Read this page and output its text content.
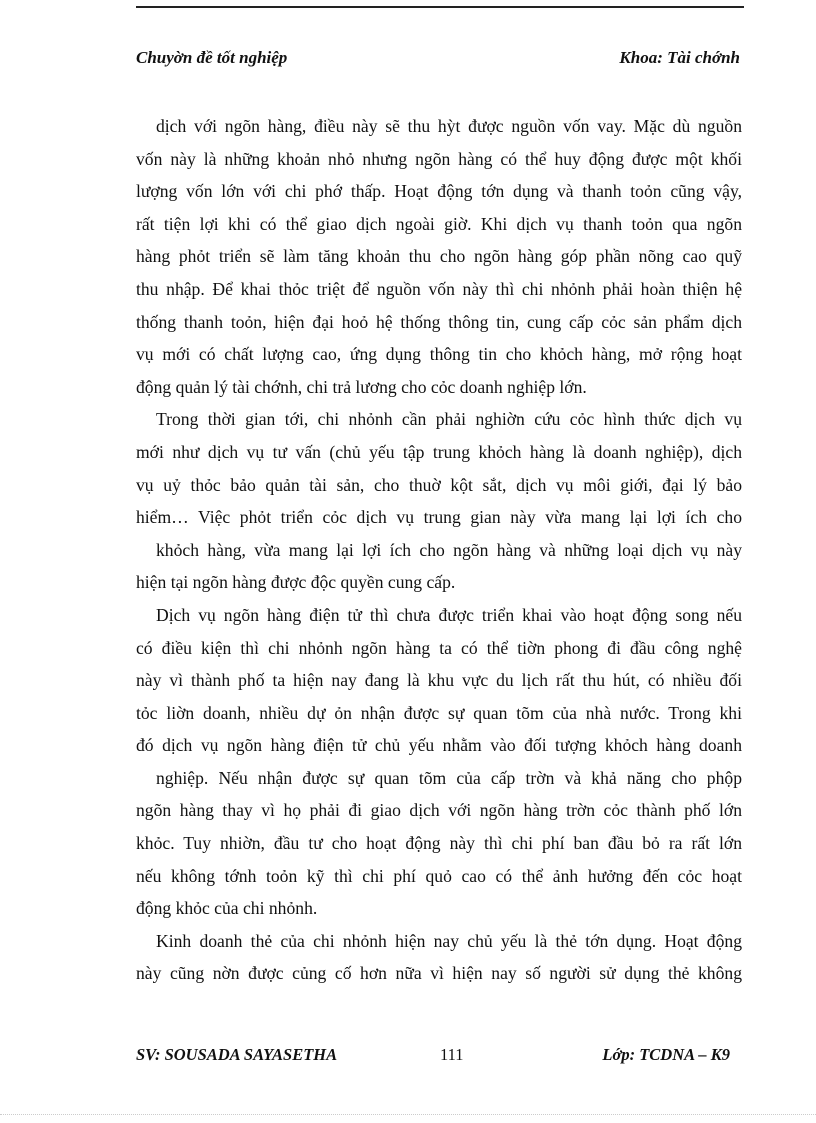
Chuyờn đề tốt nghiệp	Khoa: Tài chớnh
dịch với ngõn hàng, điều này sẽ thu hỳt được nguồn vốn vay. Mặc dù nguồn
vốn này là những khoản nhỏ nhưng ngõn hàng có thể huy động được một khối
lượng vốn lớn với chi phớ thấp. Hoạt động tớn dụng và thanh toỏn cũng vậy,
rất tiện lợi khi có thể giao dịch ngoài giờ. Khi dịch vụ thanh toỏn qua ngõn
hàng phỏt triển sẽ làm tăng khoản thu cho ngõn hàng góp phần nõng cao quỹ
thu nhập. Để khai thỏc triệt để nguồn vốn này thì chi nhỏnh phải hoàn thiện hệ
thống thanh toỏn, hiện đại hoỏ hệ thống thông tin, cung cấp cỏc sản phẩm dịch
vụ mới có chất lượng cao, ứng dụng thông tin cho khỏch hàng, mở rộng hoạt
động quản lý tài chớnh, chi trả lương cho cỏc doanh nghiệp lớn.
Trong thời gian tới, chi nhỏnh cần phải nghiờn cứu cỏc hình thức dịch vụ
mới như dịch vụ tư vấn (chủ yếu tập trung khỏch hàng là doanh nghiệp), dịch
vụ uỷ thỏc bảo quản tài sản, cho thuờ kột sắt, dịch vụ môi giới, đại lý bảo
hiểm… Việc phỏt triển cỏc dịch vụ trung gian này vừa mang lại lợi ích cho
khỏch hàng, vừa mang lại lợi ích cho ngõn hàng và những loại dịch vụ này
hiện tại ngõn hàng được độc quyền cung cấp.
Dịch vụ ngõn hàng điện tử thì chưa được triển khai vào hoạt động song nếu
có điều kiện thì chi nhỏnh ngõn hàng ta có thể tiờn phong đi đầu công nghệ
này vì thành phố ta hiện nay đang là khu vực du lịch rất thu hút, có nhiều đối
tỏc liờn doanh, nhiều dự ỏn nhận được sự quan tõm của nhà nước. Trong khi
đó dịch vụ ngõn hàng điện tử chủ yếu nhằm vào đối tượng khỏch hàng doanh
nghiệp. Nếu nhận được sự quan tõm của cấp trờn và khả năng cho phộp
ngõn hàng thay vì họ phải đi giao dịch với ngõn hàng trờn cỏc thành phố lớn
khỏc. Tuy nhiờn, đầu tư cho hoạt động này thì chi phí ban đầu bỏ ra rất lớn
nếu không tớnh toỏn kỹ thì chi phí quỏ cao có thể ảnh hưởng đến cỏc hoạt
động khỏc của chi nhỏnh.
Kinh doanh thẻ của chi nhỏnh hiện nay chủ yếu là thẻ tớn dụng. Hoạt động
này cũng nờn được củng cố hơn nữa vì hiện nay số người sử dụng thẻ không
SV: SOUSADA SAYASETHA	111	Lớp: TCDNA – K9
